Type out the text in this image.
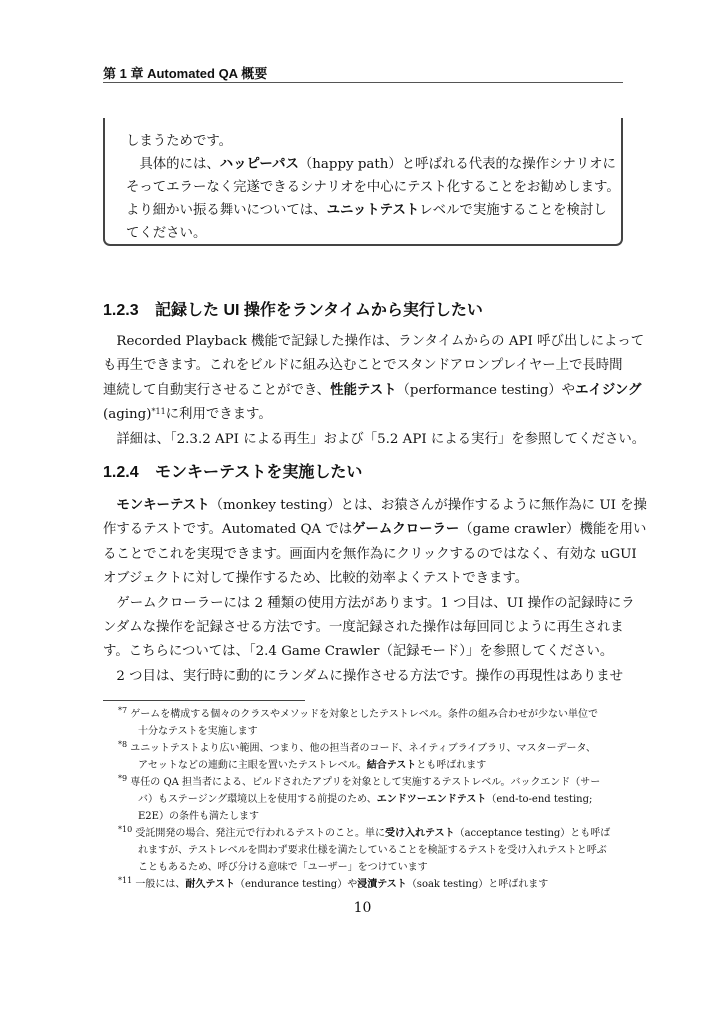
第 1 章 Automated QA 概要
しまうためです。
　具体的には、ハッピーパス（happy path）と呼ばれる代表的な操作シナリオに
そってエラーなく完遂できるシナリオを中心にテスト化することをお勧めします。
より細かい振る舞いについては、ユニットテストレベルで実施することを検討し
てください。
1.2.3 記録した UI 操作をランタイムから実行したい
　Recorded Playback 機能で記録した操作は、ランタイムからの API 呼び出しによって
も再生できます。これをビルドに組み込むことでスタンドアロンプレイヤー上で長時間
連続して自動実行させることができ、性能テスト（performance testing）やエイジング
(aging)$^{*11}$に利用できます。
　詳細は、「2.3.2 API による再生」および「5.2 API による実行」を参照してください。
1.2.4 モンキーテストを実施したい
　モンキーテスト（monkey testing）とは、お猿さんが操作するように無作為に UI を操
作するテストです。Automated QA ではゲームクローラー（game crawler）機能を用い
ることでこれを実現できます。画面内を無作為にクリックするのではなく、有効な uGUI
オブジェクトに対して操作するため、比較的効率よくテストできます。
　ゲームクローラーには 2 種類の使用方法があります。1 つ目は、UI 操作の記録時にラ
ンダムな操作を記録させる方法です。一度記録された操作は毎回同じように再生されま
す。こちらについては、「2.4 Game Crawler（記録モード）」を参照してください。
　2 つ目は、実行時に動的にランダムに操作させる方法です。操作の再現性はありませ
$^{*7}$ ゲームを構成する個々のクラスやメソッドを対象としたテストレベル。条件の組み合わせが少ない単位で
十分なテストを実施します
$^{*8}$ ユニットテストより広い範囲、つまり、他の担当者のコード、ネイティブライブラリ、マスターデータ、
アセットなどの連動に主眼を置いたテストレベル。結合テストとも呼ばれます
$^{*9}$ 専任の QA 担当者による、ビルドされたアプリを対象として実施するテストレベル。バックエンド（サー
バ）もステージング環境以上を使用する前提のため、エンドツーエンドテスト（end-to-end testing;
E2E）の条件も満たします
$^{*10}$ 受託開発の場合、発注元で行われるテストのこと。単に受け入れテスト（acceptance testing）とも呼ば
れますが、テストレベルを問わず要求仕様を満たしていることを検証するテストを受け入れテストと呼ぶ
こともあるため、呼び分ける意味で「ユーザー」をつけています
$^{*11}$ 一般には、耐久テスト（endurance testing）や浸漬テスト（soak testing）と呼ばれます
10
